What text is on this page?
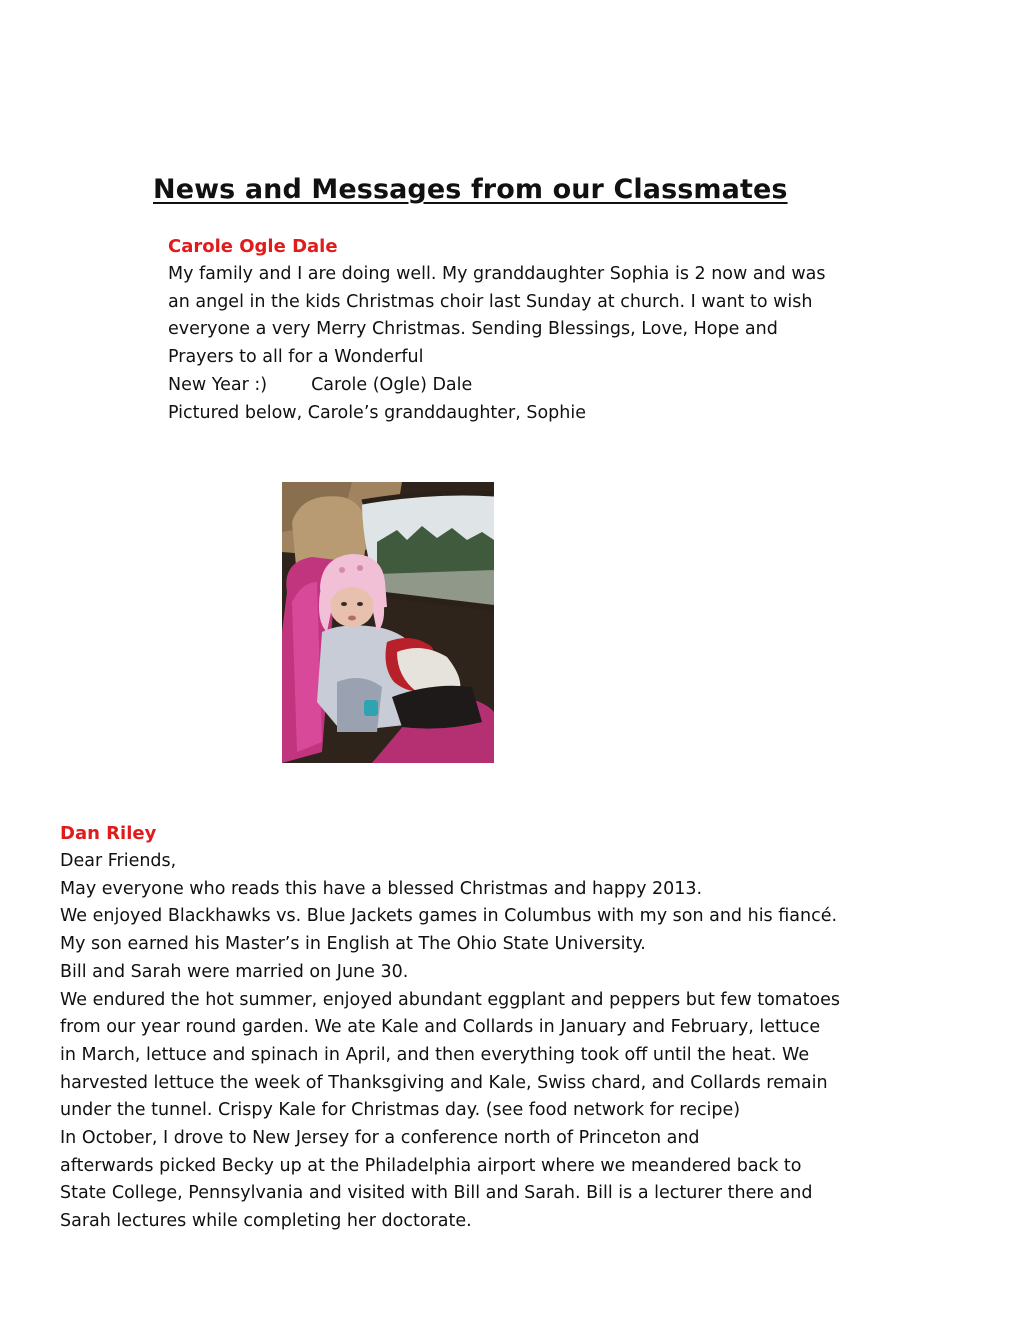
News and Messages from our Classmates

Carole Ogle Dale

My family and I are doing well. My granddaughter Sophia is 2 now and was

an angel in the kids Christmas choir last Sunday at church. I want to wish

everyone a very Merry Christmas. Sending Blessings, Love, Hope and

Prayers to all for a Wonderful

New Year :)	Carole (Ogle) Dale

Pictured below, Carole’s granddaughter, Sophie

Dan Riley

Dear Friends,

May everyone who reads this have a blessed Christmas and happy 2013.

We enjoyed Blackhawks vs. Blue Jackets games in Columbus with my son and his fiancé.

My son earned his Master’s in English at The Ohio State University.

Bill and Sarah were married on June 30.

We endured the hot summer, enjoyed abundant eggplant and peppers but few tomatoes

from our year round garden. We ate Kale and Collards in January and February, lettuce

in March, lettuce and spinach in April, and then everything took off until the heat. We

harvested lettuce the week of Thanksgiving and Kale, Swiss chard, and Collards remain

under the tunnel. Crispy Kale for Christmas day. (see food network for recipe)

In October, I drove to New Jersey for a conference north of Princeton and

afterwards picked Becky up at the Philadelphia airport where we meandered back to

State College, Pennsylvania and visited with Bill and Sarah. Bill is a lecturer there and

Sarah lectures while completing her doctorate.
